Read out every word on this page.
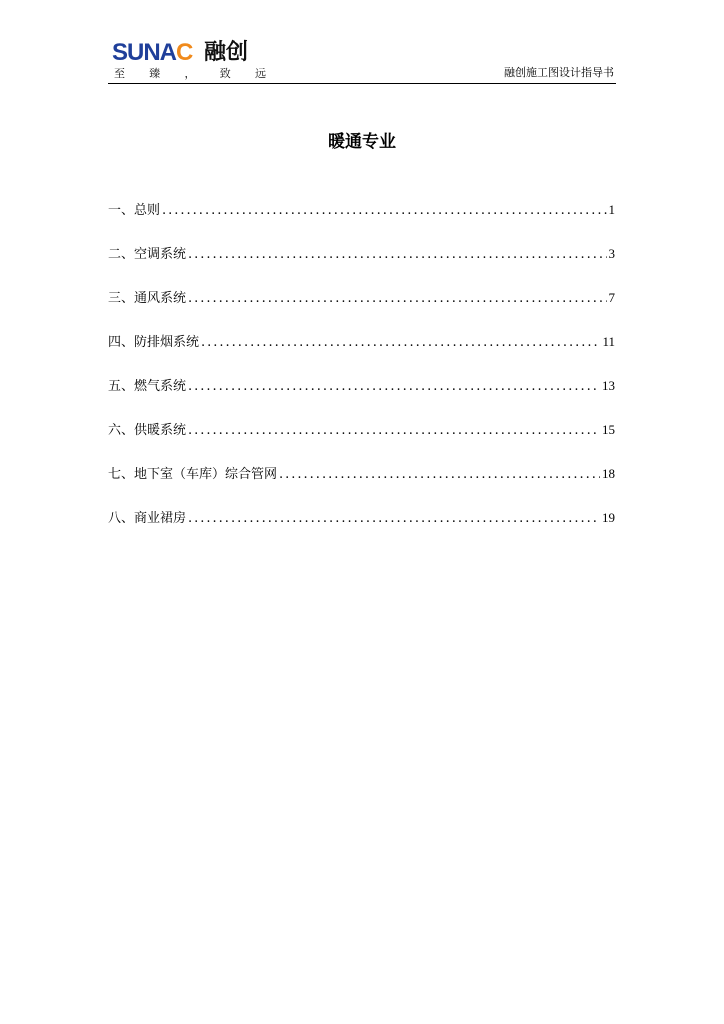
SUNAC 融创
至 臻 ， 致 远	融创施工图设计指导书
暖通专业
一、总则 .....	1
二、空调系统 .....	3
三、通风系统 .....	7
四、防排烟系统 .....	11
五、燃气系统 .....	13
六、供暖系统 .....	15
七、地下室（车库）综合管网 .....	18
八、商业裙房 .....	19
